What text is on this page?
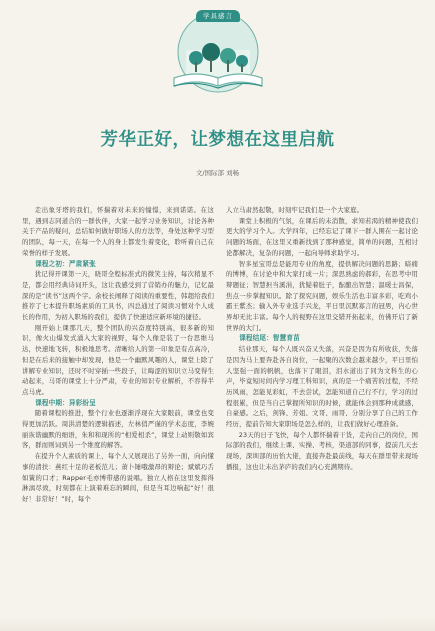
学具感言
芳华正好，让梦想在这里启航
文/国际部 刘畅

走出象牙塔的我们，怀揣着对未来的憧憬，来到诺诺。在这里，遇到志同道合的一群伙伴，大家一起学习业务知识，讨论各种关于产品的疑问，总结如何做好职场人的方法等，身处这种学习型的团队，每一天，在每一个人的身上都发生着变化，聆听着自己在荣誉的样子发展。

课程之初：严肃紧张

犹记得开课第一天，晓哥全程标准式的微笑主持，每次稍显不是，都会用经典诗词开头，这让我感受到了营销办的魅力，记忆最深的是“读书”这两个字。余校长阐释了阅读的重要性，韩超给我们推荐了七本提升职场素质的工具书，四总通过了阅读习惯对个人成长的作用，为初入职场的我们，提供了快速适应新环境的捷径。

刚开始上课那几天，整个团队的兴奋度特别高，很多新的知识，像火山爆发式涌入大家的视野，每个人像是装了一台思维马达，快速地飞转，积极地思考。清晰给人的第一印象是有点高冷，但是在后来的接触中却发现，他是一个幽默风趣的人，课堂上除了讲解专业知识，还时不时穿插一些段子，让晦涩的知识立马变得生动起来，马哥的课堂上十分严肃，专业的知识专业解析，不容得半点马虎。

课程中期：异彩纷呈

随着课程的推进，整个行业也逐渐浮现在大家眼前，课堂也变得更加活跃。周洪清楚的逻辑描述，左林俏严谨的学术态度，李婉丽诙谐幽默的细语，朱和和现所的“相爱相杀”，课堂上动则敬如宾客，群而则词到另一个维度的解答。

在提升个人素质的课上，每个人又展现出了另外一面，向向懂事的清扶：燕红十足的老板范儿；萧卜锤哦激昂的辩论；斌斌巧舌如簧的口才；Rapper毛亦博带感的说唱。独立人格在这里发挥得淋漓尽致，时刻都在上演着难忘的瞬间，但是当耳边响起“好！很好！非常好！”时，每个

人立马肃然起敬，时刻牢记我们是一个大家庭。

课堂上积极的气氛，在课后的未消散，求知若渴的精神使我们更大的学习个人。大学四年，已经忘记了课下一群人围在一起讨论问题的场面，在这里又重新找到了那种感觉，简单的问题，互相讨论都解决，复杂的问题，一起向导师求助学习。

智多星宝哥总是能用专业的角度，提供解决问题的思路；暗痛的博博，在讨论中和大家打成一片；深思熟虑的郝彩，在思考中用辩题征；智慧担当溪涓，犹疑着肚子，酝酿出智慧；温暖士昌保，焦点一步掌握知识。除了探究问题，娱乐生活也丰富多彩，吃鸡小霸王紫杰；输入外专业选手兴龙，平日里沉默寡言的冠男，内心世界却无比丰富。每个人的视野在这里交错开拓起来，仿佛开启了新世界的大门。

课程结尾：智慧育苗

结业那天，每个人既兴奋又失落，兴奋是因为有所收获，失落是因为马上要奔赴各自岗位，一起聚的次数会越来越少，平日里怕人坚强一面的帆帆，也落下了眼泪，泪水道出了同为文科生的心声，毕竟短时间内学习理工科知识，真的是一个痛苦的过程，不经历风雨，怎能见彩虹，不去尝试，怎能知道自己行不行，学习的过程很累，但是当自己掌握所知识的时候，就能体会到那种成就感，自豪感。之后，剑锋、芳姐、文哥、雨哥、分别分享了自己的工作经历，提前告知大家职场是怎么样的，让我们做好心理准备。

23天的日子飞快，每个人都怀揣着干货，走向自己的岗位，国际部的我们，继续上课、实操、考核，渠道部的同事，提前几天去现场，深圳部的历怡大佬，直接奔赴最前线，每天在群里带来现场播报，这也让未出茅庐的我们内心充满期待。
